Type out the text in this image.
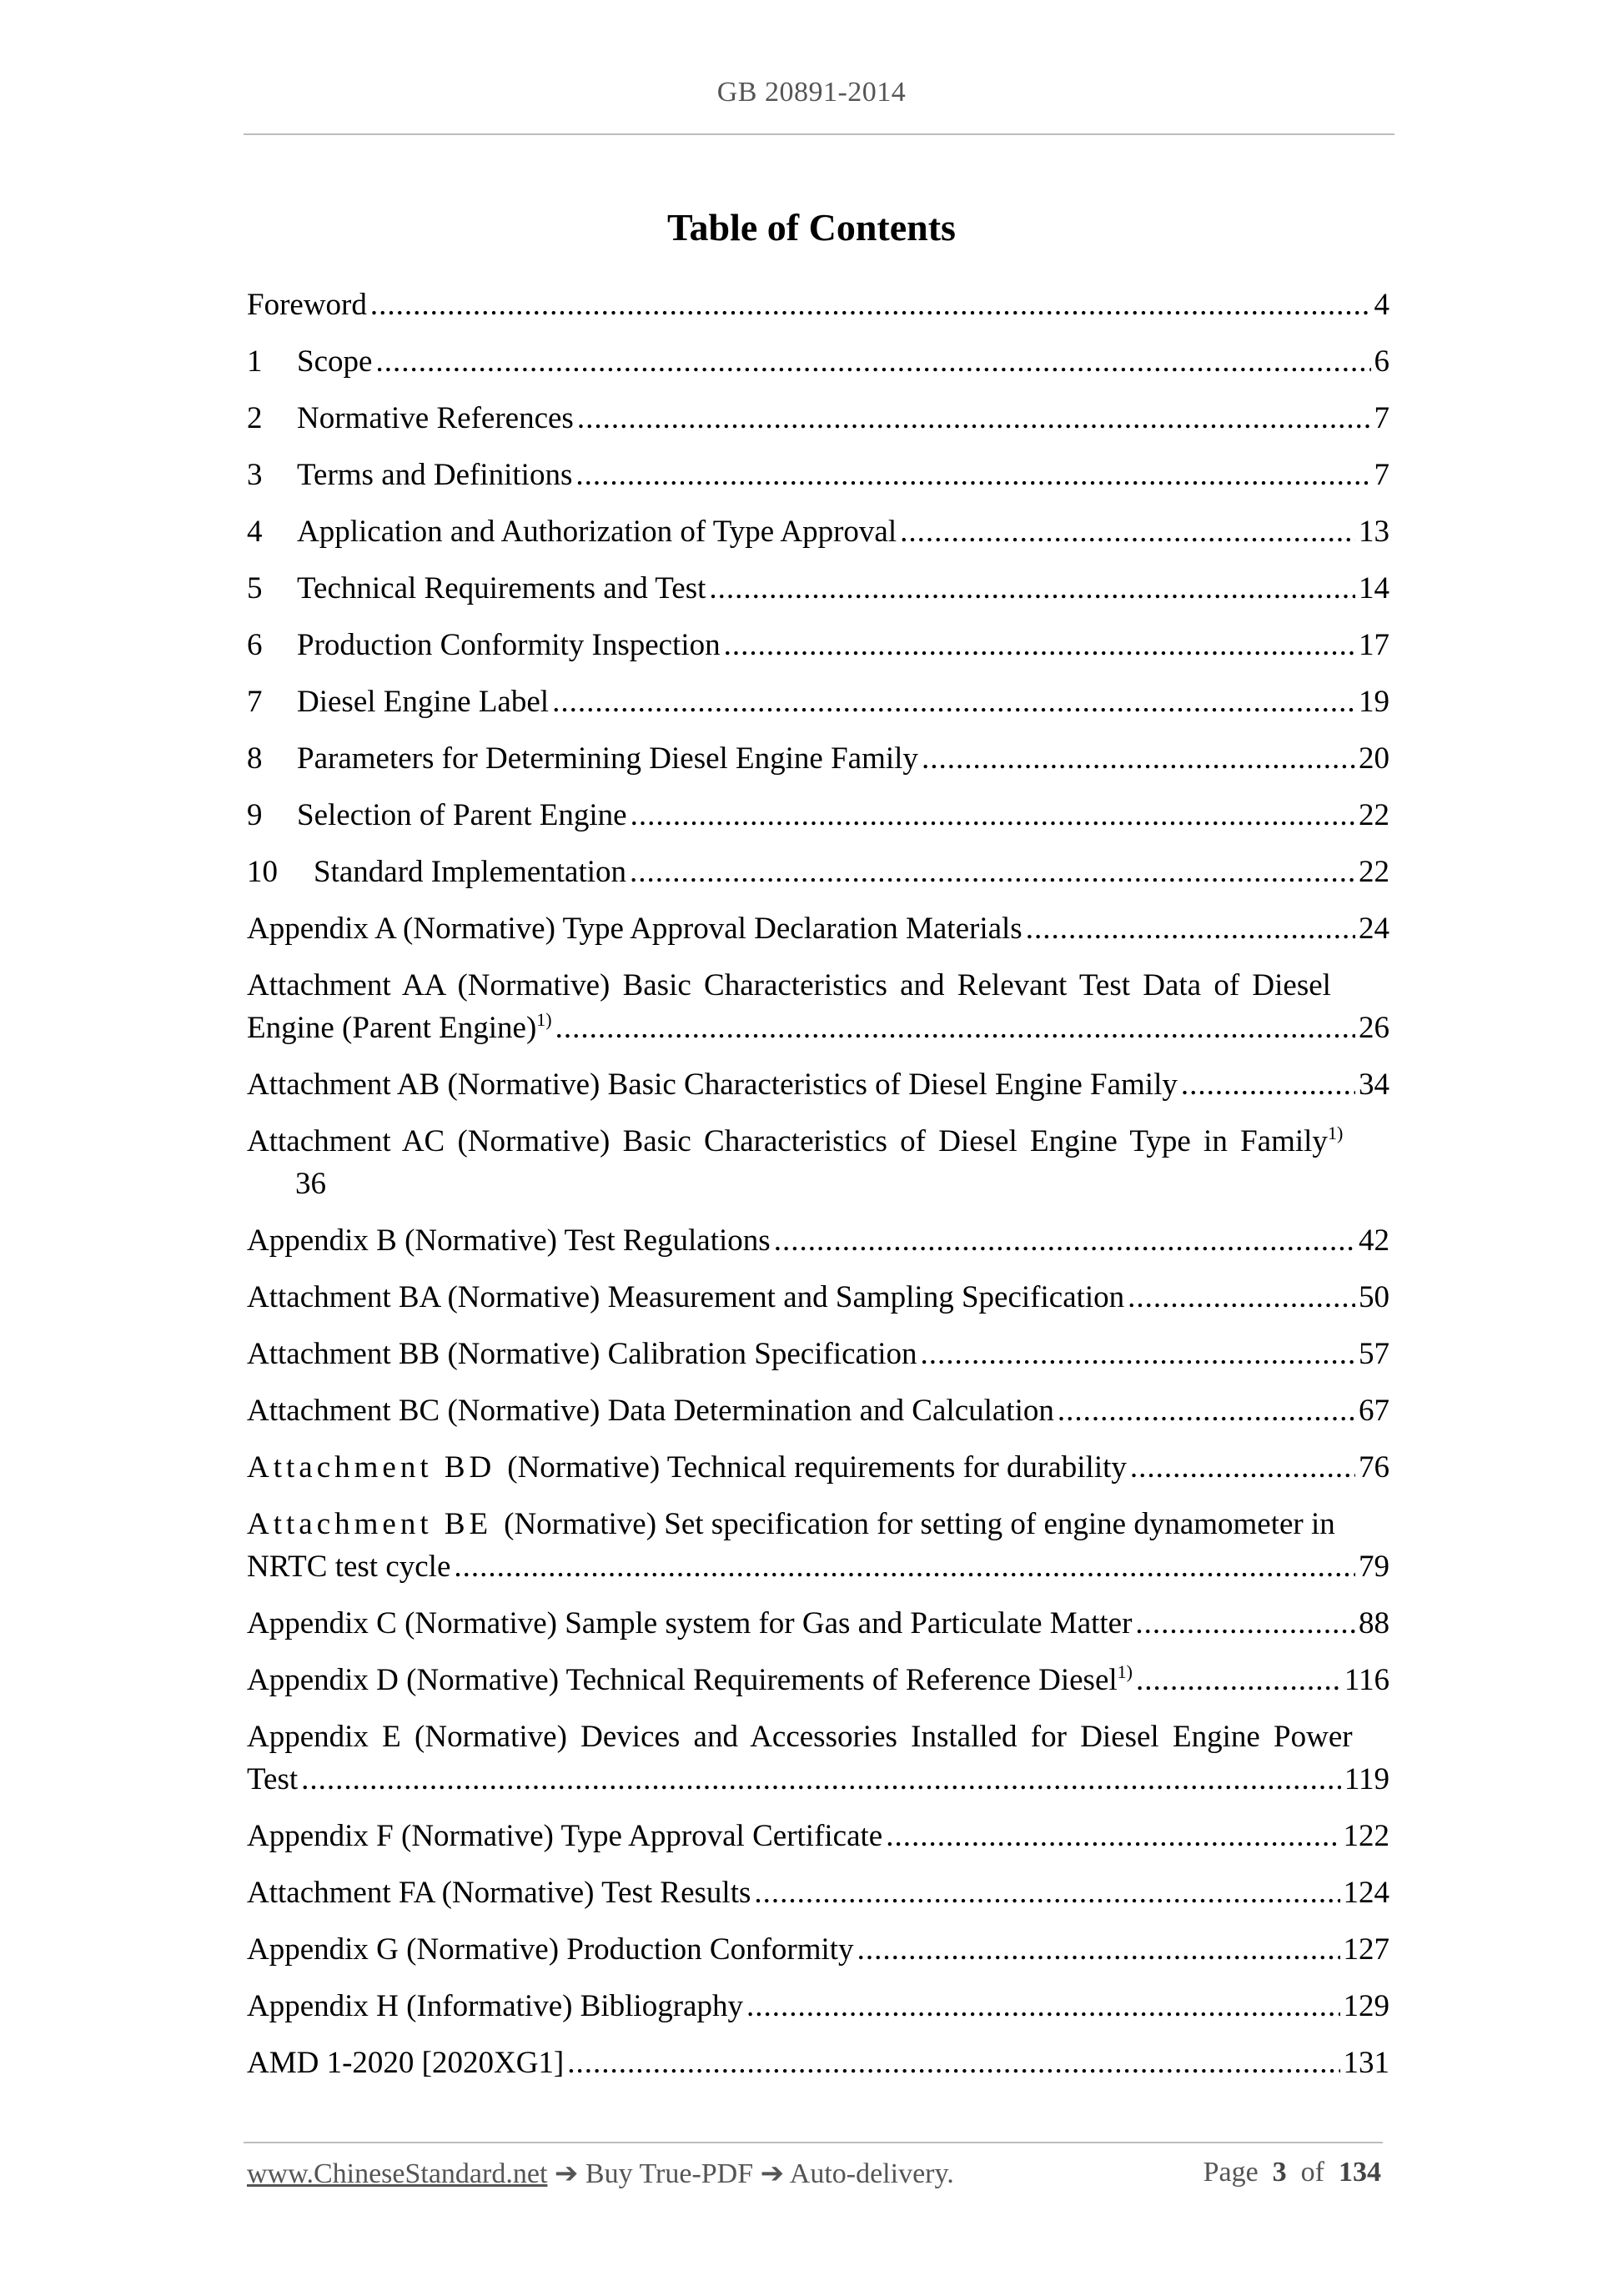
GB 20891-2014
Table of Contents
Foreword .....	4
1	Scope .....	6
2	Normative References .....	7
3	Terms and Definitions .....	7
4	Application and Authorization of Type Approval .....	13
5	Technical Requirements and Test .....	14
6	Production Conformity Inspection .....	17
7	Diesel Engine Label .....	19
8	Parameters for Determining Diesel Engine Family .....	20
9	Selection of Parent Engine .....	22
10	Standard Implementation .....	22
Appendix A (Normative) Type Approval Declaration Materials .....	24
Attachment AA (Normative) Basic Characteristics and Relevant Test Data of Diesel
Engine (Parent Engine)$^{1)}$ .....	26
Attachment AB (Normative) Basic Characteristics of Diesel Engine Family .....	34
Attachment AC (Normative) Basic Characteristics of Diesel Engine Type in Family$^{1)}$
36
Appendix B (Normative) Test Regulations .....	42
Attachment BA (Normative) Measurement and Sampling Specification .....	50
Attachment BB (Normative) Calibration Specification .....	57
Attachment BC (Normative) Data Determination and Calculation .....	67
Attachment BD (Normative) Technical requirements for durability .....	76
Attachment BE (Normative) Set specification for setting of engine dynamometer in
NRTC test cycle .....	79
Appendix C (Normative) Sample system for Gas and Particulate Matter .....	88
Appendix D (Normative) Technical Requirements of Reference Diesel$^{1)}$ .....	116
Appendix E (Normative) Devices and Accessories Installed for Diesel Engine Power
Test .....	119
Appendix F (Normative) Type Approval Certificate .....	122
Attachment FA (Normative) Test Results .....	124
Appendix G (Normative) Production Conformity .....	127
Appendix H (Informative) Bibliography .....	129
AMD 1-2020 [2020XG1] .....	131
www.ChineseStandard.net ➔ Buy True-PDF ➔ Auto-delivery.	Page 3 of 134
